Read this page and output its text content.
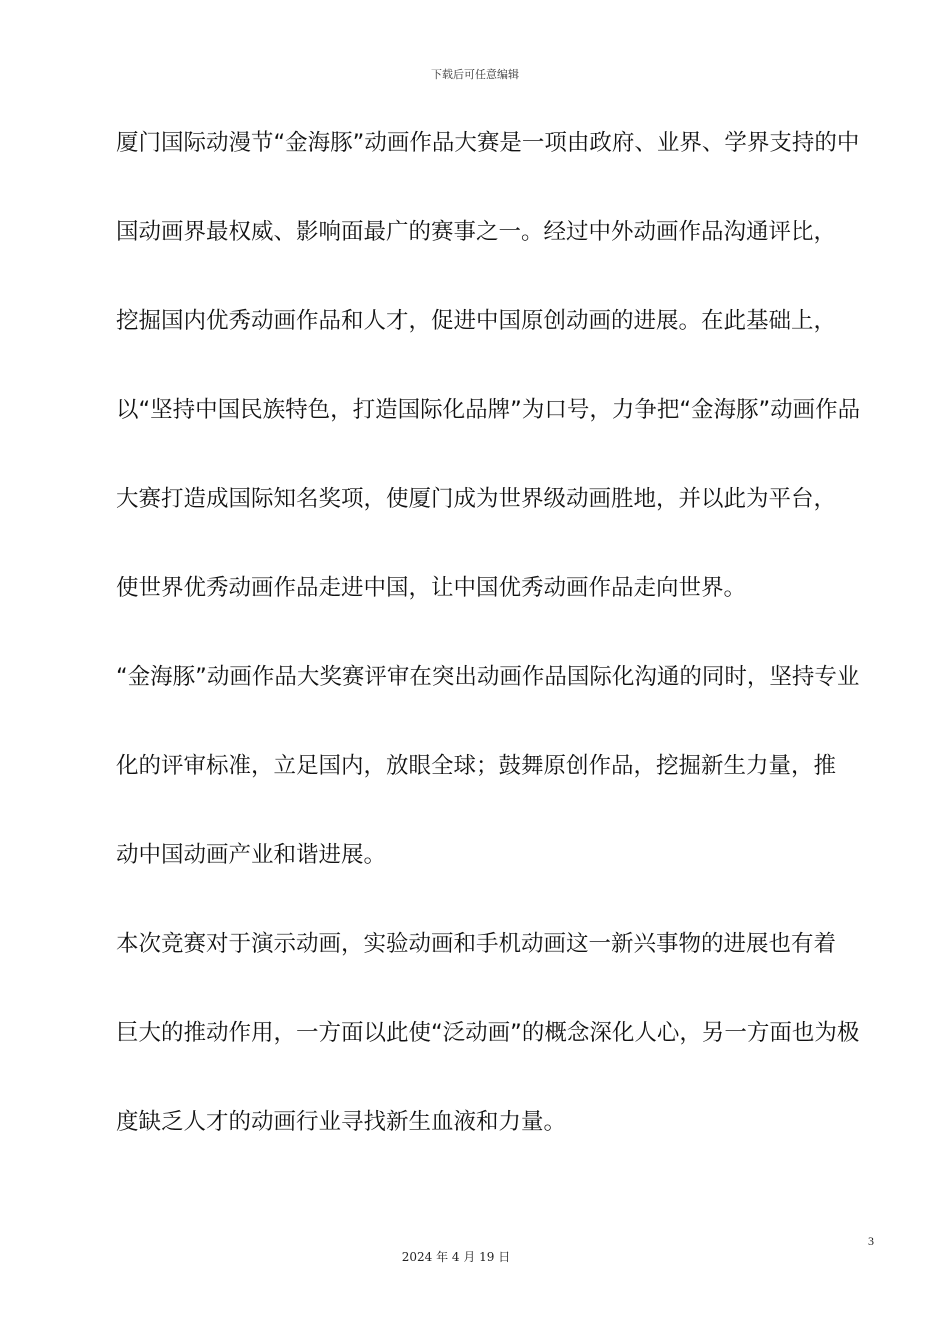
下载后可任意编辑
厦门国际动漫节“金海豚”动画作品大赛是一项由政府、业界、学界支持的中
国动画界最权威、影响面最广的赛事之一。经过中外动画作品沟通评比，
挖掘国内优秀动画作品和人才，促进中国原创动画的进展。在此基础上，
以“坚持中国民族特色，打造国际化品牌”为口号，力争把“金海豚”动画作品
大赛打造成国际知名奖项，使厦门成为世界级动画胜地，并以此为平台，
使世界优秀动画作品走进中国，让中国优秀动画作品走向世界。
“金海豚”动画作品大奖赛评审在突出动画作品国际化沟通的同时，坚持专业
化的评审标准，立足国内，放眼全球；鼓舞原创作品，挖掘新生力量，推
动中国动画产业和谐进展。
本次竞赛对于演示动画，实验动画和手机动画这一新兴事物的进展也有着
巨大的推动作用，一方面以此使“泛动画”的概念深化人心，另一方面也为极
度缺乏人才的动画行业寻找新生血液和力量。
3
2024 年 4 月 19 日
